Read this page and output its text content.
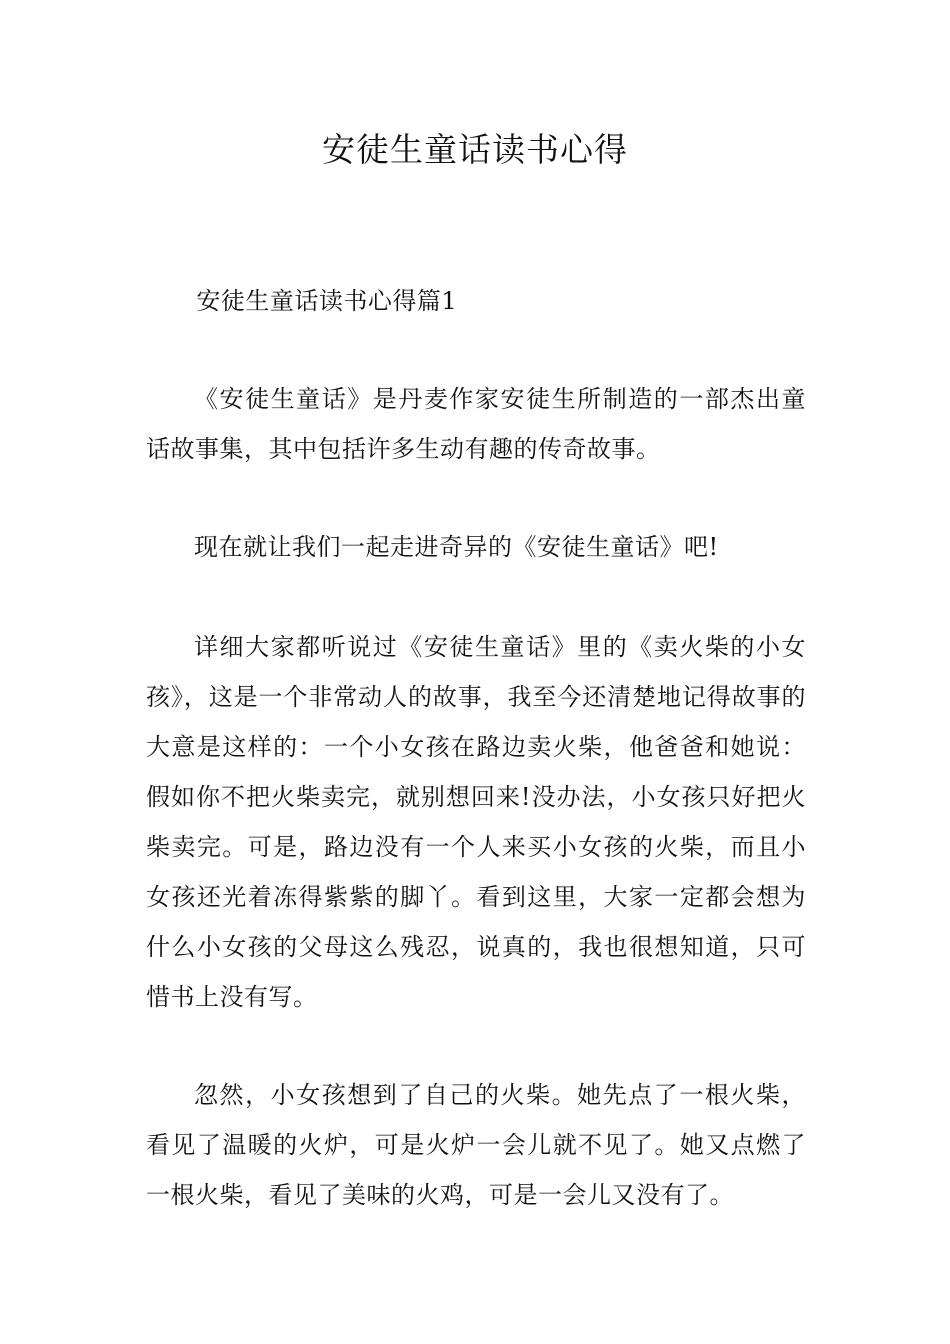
安徒生童话读书心得

安徒生童话读书心得篇1

《安徒生童话》是丹麦作家安徒生所制造的一部杰出童话故事集，其中包括许多生动有趣的传奇故事。

现在就让我们一起走进奇异的《安徒生童话》吧!

详细大家都听说过《安徒生童话》里的《卖火柴的小女孩》，这是一个非常动人的故事，我至今还清楚地记得故事的大意是这样的：一个小女孩在路边卖火柴，他爸爸和她说：假如你不把火柴卖完，就别想回来!没办法，小女孩只好把火柴卖完。可是，路边没有一个人来买小女孩的火柴，而且小女孩还光着冻得紫紫的脚丫。看到这里，大家一定都会想为什么小女孩的父母这么残忍，说真的，我也很想知道，只可惜书上没有写。

忽然，小女孩想到了自己的火柴。她先点了一根火柴，看见了温暖的火炉，可是火炉一会儿就不见了。她又点燃了一根火柴，看见了美味的火鸡，可是一会儿又没有了。
